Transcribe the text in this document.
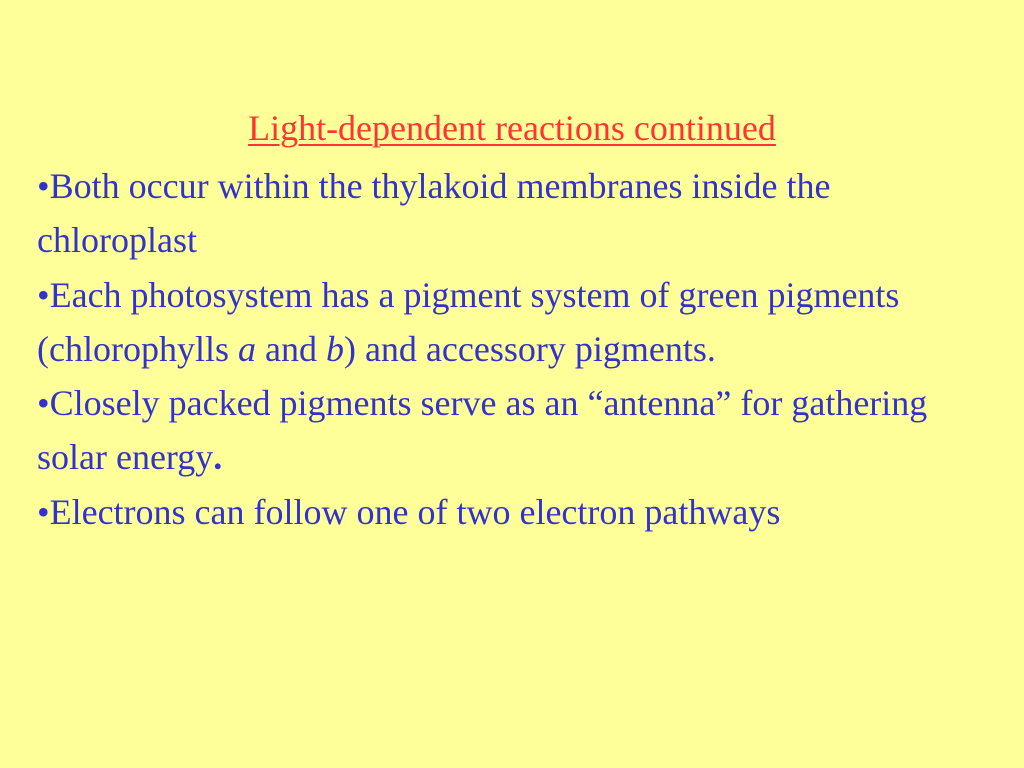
Light-dependent reactions continued
•Both occur within the thylakoid membranes inside the chloroplast
•Each photosystem has a pigment system of green pigments (chlorophylls a and b) and accessory pigments.
•Closely packed pigments serve as an “antenna” for gathering solar energy.
•Electrons can follow one of two electron pathways
